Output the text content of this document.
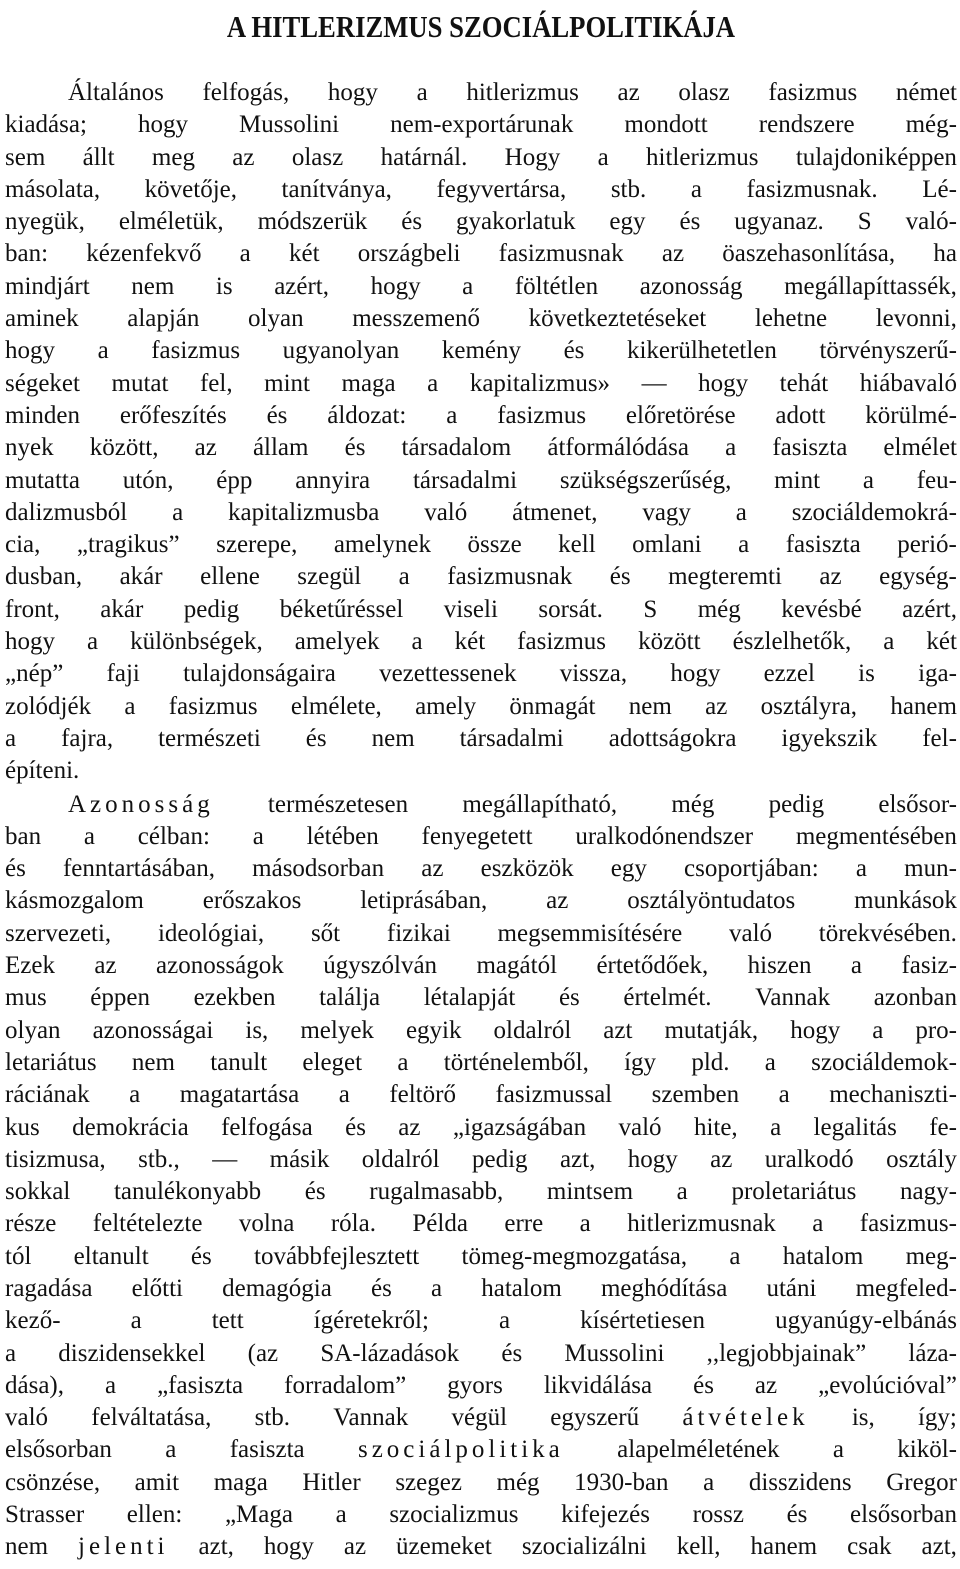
A HITLERIZMUS SZOCIÁLPOLITIKÁJA
Általános felfogás, hogy a hitlerizmus az olasz fasizmus német
kiadása; hogy Mussolini nem-exportárunak mondott rendszere még-
sem állt meg az olasz határnál. Hogy a hitlerizmus tulajdoniképpen
másolata, követője, tanítványa, fegyvertársa, stb. a fasizmusnak. Lé-
nyegük, elméletük, módszerük és gyakorlatuk egy és ugyanaz. S való-
ban: kézenfekvő a két országbeli fasizmusnak az öaszehasonlítása, ha
mindjárt nem is azért, hogy a föltétlen azonosság megállapíttassék,
aminek alapján olyan messzemenő következtetéseket lehetne levonni,
hogy a fasizmus ugyanolyan kemény és kikerülhetetlen törvényszerű-
ségeket mutat fel, mint maga a kapitalizmus» — hogy tehát hiábavaló
minden erőfeszítés és áldozat: a fasizmus előretörése adott körülmé-
nyek között, az állam és társadalom átformálódása a fasiszta elmélet
mutatta utón, épp annyira társadalmi szükségszerűség, mint a feu-
dalizmusból a kapitalizmusba való átmenet, vagy a szociáldemokrá-
cia, „tragikus” szerepe, amelynek össze kell omlani a fasiszta perió-
dusban, akár ellene szegül a fasizmusnak és megteremti az egység-
front, akár pedig béketűréssel viseli sorsát. S még kevésbé azért,
hogy a különbségek, amelyek a két fasizmus között észlelhetők, a két
„nép” faji tulajdonságaira vezettessenek vissza, hogy ezzel is iga-
zolódjék a fasizmus elmélete, amely önmagát nem az osztályra, hanem
a fajra, természeti és nem társadalmi adottságokra igyekszik fel-
építeni.
Azonosság természetesen megállapítható, még pedig elsősor-
ban a célban: a létében fenyegetett uralkodónendszer megmentésében
és fenntartásában, másodsorban az eszközök egy csoportjában: a mun-
kásmozgalom erőszakos letiprásában, az osztályöntudatos munkások
szervezeti, ideológiai, sőt fizikai megsemmisítésére való törekvésében.
Ezek az azonosságok úgyszólván magától értetődőek, hiszen a fasiz-
mus éppen ezekben találja létalapját és értelmét. Vannak azonban
olyan azonosságai is, melyek egyik oldalról azt mutatják, hogy a pro-
letariátus nem tanult eleget a történelemből, így pld. a szociáldemok-
ráciának a magatartása a feltörő fasizmussal szemben a mechaniszti-
kus demokrácia felfogása és az „igazságában való hite, a legalitás fe-
tisizmusa, stb., — másik oldalról pedig azt, hogy az uralkodó osztály
sokkal tanulékonyabb és rugalmasabb, mintsem a proletariátus nagy-
része feltételezte volna róla. Példa erre a hitlerizmusnak a fasizmus-
tól eltanult és továbbfejlesztett tömeg-megmozgatása, a hatalom meg-
ragadása előtti demagógia és a hatalom meghódítása utáni megfeled-
kező-	a	tett	ígéretekről;	a	kísértetiesen	ugyanúgy-elbánás
a diszidensekkel (az SA-lázadások és Mussolini ,,legjobbjainak” láza-
dása), a „fasiszta forradalom” gyors likvidálása és az „evolúcióval”
való felváltatása, stb. Vannak végül egyszerű átvételek is, így;
elsősorban a fasiszta szociálpolitika alapelméletének a kiköl-
csönzése, amit maga Hitler szegez még 1930-ban a disszidens Gregor
Strasser ellen: „Maga a szocializmus kifejezés rossz és elsősorban
nem jelenti azt, hogy az üzemeket szocializálni kell, hanem csak azt,
